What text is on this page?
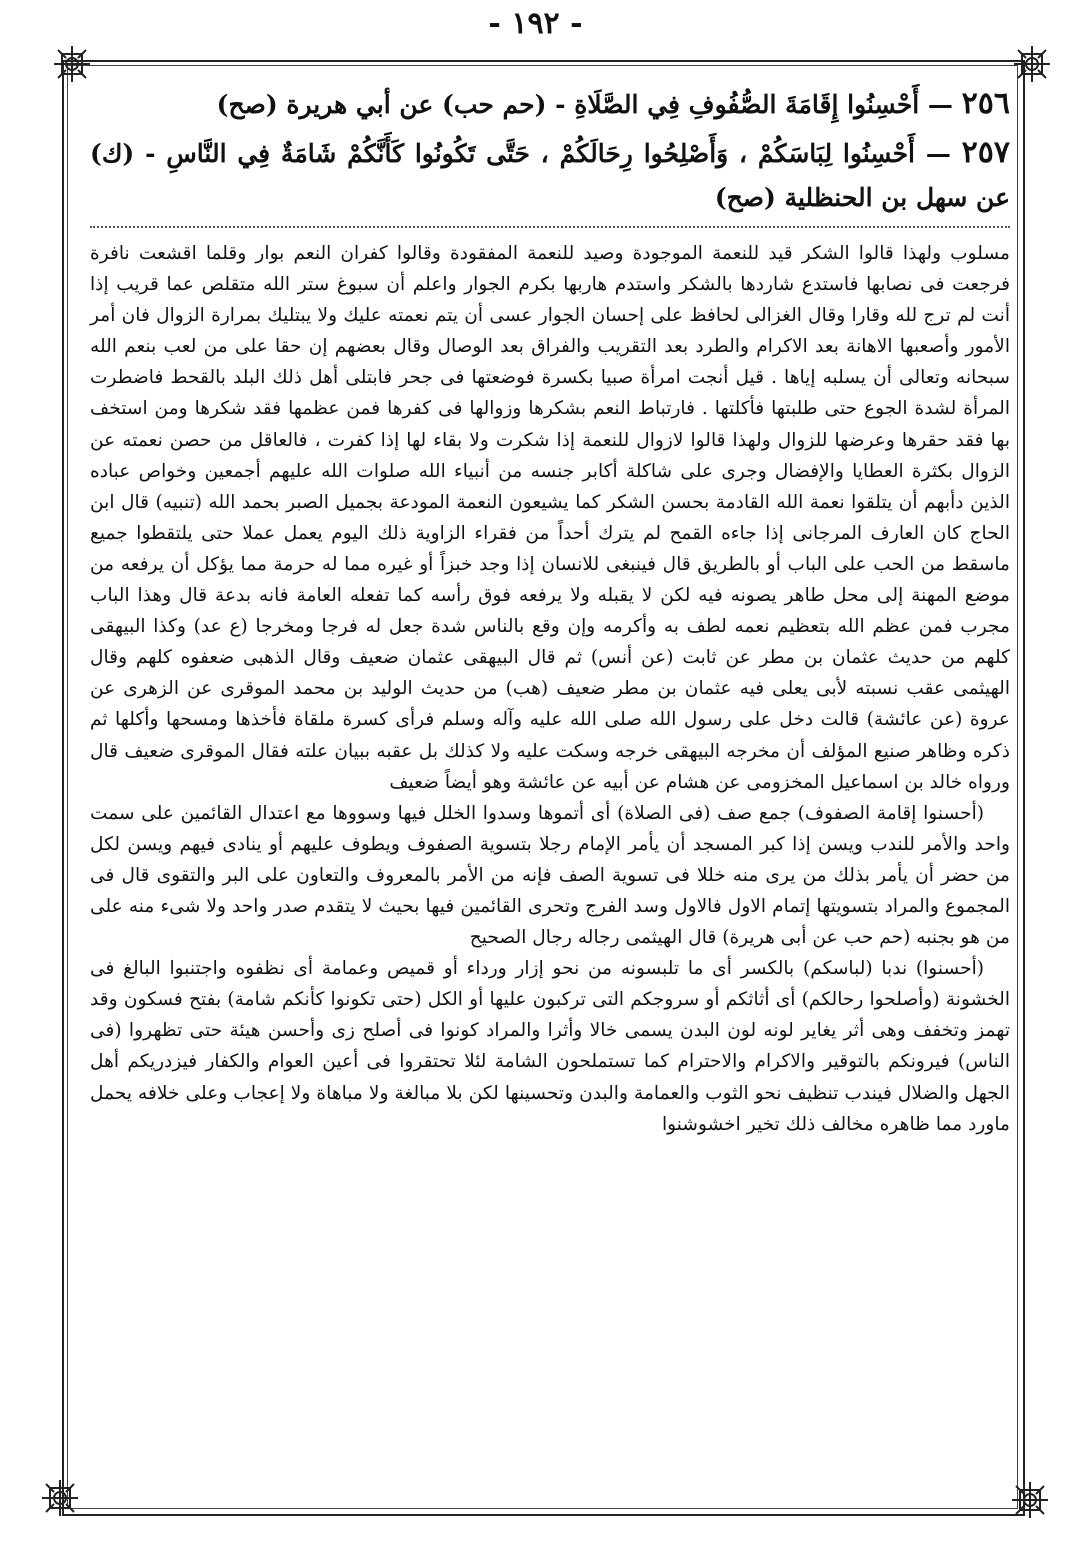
- ١٩٢ -
٢٥٦ — أَحْسِنُوا إِقَامَةَ الصُّفُوفِ فِي الصَّلَاةِ - (حم حب) عن أبي هريرة (صح)
٢٥٧ — أَحْسِنُوا لِبَاسَكُمْ ، وَأَصْلِحُوا رِحَالَكُمْ ، حَتَّى تَكُونُوا كَأَنَّكُمْ شَامَةٌ فِي النَّاسِ - (ك) عن سهل بن الحنظلية (صح)

مسلوب ولهذا قالوا الشكر قيد للنعمة الموجودة وصيد للنعمة المفقودة وقالوا كفران النعم بوار وقلما اقشعت نافرة فرجعت فى نصابها فاستدع شاردها بالشكر واستدم هاربها بكرم الجوار واعلم أن سبوغ ستر الله متقلص عما قريب إذا أنت لم ترج لله وقارا وقال الغزالى لحافظ على إحسان الجوار عسى أن يتم نعمته عليك ولا يبتليك بمرارة الزوال فان أمر الأمور وأصعبها الاهانة بعد الاكرام والطرد بعد التقريب والفراق بعد الوصال وقال بعضهم إن حقا على من لعب بنعم الله سبحانه وتعالى أن يسلبه إياها . قيل أنجت امرأة صبيا بكسرة فوضعتها فى جحر فابتلى أهل ذلك البلد بالقحط فاضطرت المرأة لشدة الجوع حتى طلبتها فأكلتها . فارتباط النعم بشكرها وزوالها فى كفرها فمن عظمها فقد شكرها ومن استخف بها فقد حقرها وعرضها للزوال ولهذا قالوا لازوال للنعمة إذا شكرت ولا بقاء لها إذا كفرت ، فالعاقل من حصن نعمته عن الزوال بكثرة العطايا والإفضال وجرى على شاكلة أكابر جنسه من أنبياء الله صلوات الله عليهم أجمعين وخواص عباده الذين دأبهم أن يتلقوا نعمة الله القادمة بحسن الشكر كما يشيعون النعمة المودعة بجميل الصبر بحمد الله (تنبيه) قال ابن الحاج كان العارف المرجانى إذا جاءه القمح لم يترك أحداً من فقراء الزاوية ذلك اليوم يعمل عملا حتى يلتقطوا جميع ماسقط من الحب على الباب أو بالطريق قال فينبغى للانسان إذا وجد خبزاً أو غيره مما له حرمة مما يؤكل أن يرفعه من موضع المهنة إلى محل طاهر يصونه فيه لكن لا يقبله ولا يرفعه فوق رأسه كما تفعله العامة فانه بدعة قال وهذا الباب مجرب فمن عظم الله بتعظيم نعمه لطف به وأكرمه وإن وقع بالناس شدة جعل له فرجا ومخرجا (ع عد) وكذا البيهقى كلهم من حديث عثمان بن مطر عن ثابت (عن أنس) ثم قال البيهقى عثمان ضعيف وقال الذهبى ضعفوه كلهم وقال الهيثمى عقب نسبته لأبى يعلى فيه عثمان بن مطر ضعيف (هب) من حديث الوليد بن محمد الموقرى عن الزهرى عن عروة (عن عائشة) قالت دخل على رسول الله صلى الله عليه وآله وسلم فرأى كسرة ملقاة فأخذها ومسحها وأكلها ثم ذكره وظاهر صنيع المؤلف أن مخرجه البيهقى خرجه وسكت عليه ولا كذلك بل عقبه ببيان علته فقال الموقرى ضعيف قال ورواه خالد بن اسماعيل المخزومى عن هشام عن أبيه عن عائشة وهو أيضاً ضعيف

(أحسنوا إقامة الصفوف) جمع صف (فى الصلاة) أى أتموها وسدوا الخلل فيها وسووها مع اعتدال القائمين على سمت واحد والأمر للندب ويسن إذا كبر المسجد أن يأمر الإمام رجلا بتسوية الصفوف ويطوف عليهم أو ينادى فيهم ويسن لكل من حضر أن يأمر بذلك من يرى منه خللا فى تسوية الصف فإنه من الأمر بالمعروف والتعاون على البر والتقوى قال فى المجموع والمراد بتسويتها إتمام الاول فالاول وسد الفرج وتحرى القائمين فيها بحيث لا يتقدم صدر واحد ولا شىء منه على من هو بجنبه (حم حب عن أبى هريرة) قال الهيثمى رجاله رجال الصحيح

(أحسنوا) ندبا (لباسكم) بالكسر أى ما تلبسونه من نحو إزار ورداء أو قميص وعمامة أى نظفوه واجتنبوا البالغ فى الخشونة (وأصلحوا رحالكم) أى أثاثكم أو سروجكم التى تركبون عليها أو الكل (حتى تكونوا كأنكم شامة) بفتح فسكون وقد تهمز وتخفف وهى أثر يغاير لونه لون البدن يسمى خالا وأثرا والمراد كونوا فى أصلح زى وأحسن هيئة حتى تظهروا (فى الناس) فيرونكم بالتوقير والاكرام والاحترام كما تستملحون الشامة لئلا تحتقروا فى أعين العوام والكفار فيزدريكم أهل الجهل والضلال فيندب تنظيف نحو الثوب والعمامة والبدن وتحسينها لكن بلا مبالغة ولا مباهاة ولا إعجاب وعلى خلافه يحمل ماورد مما ظاهره مخالف ذلك تخير اخشوشنوا
